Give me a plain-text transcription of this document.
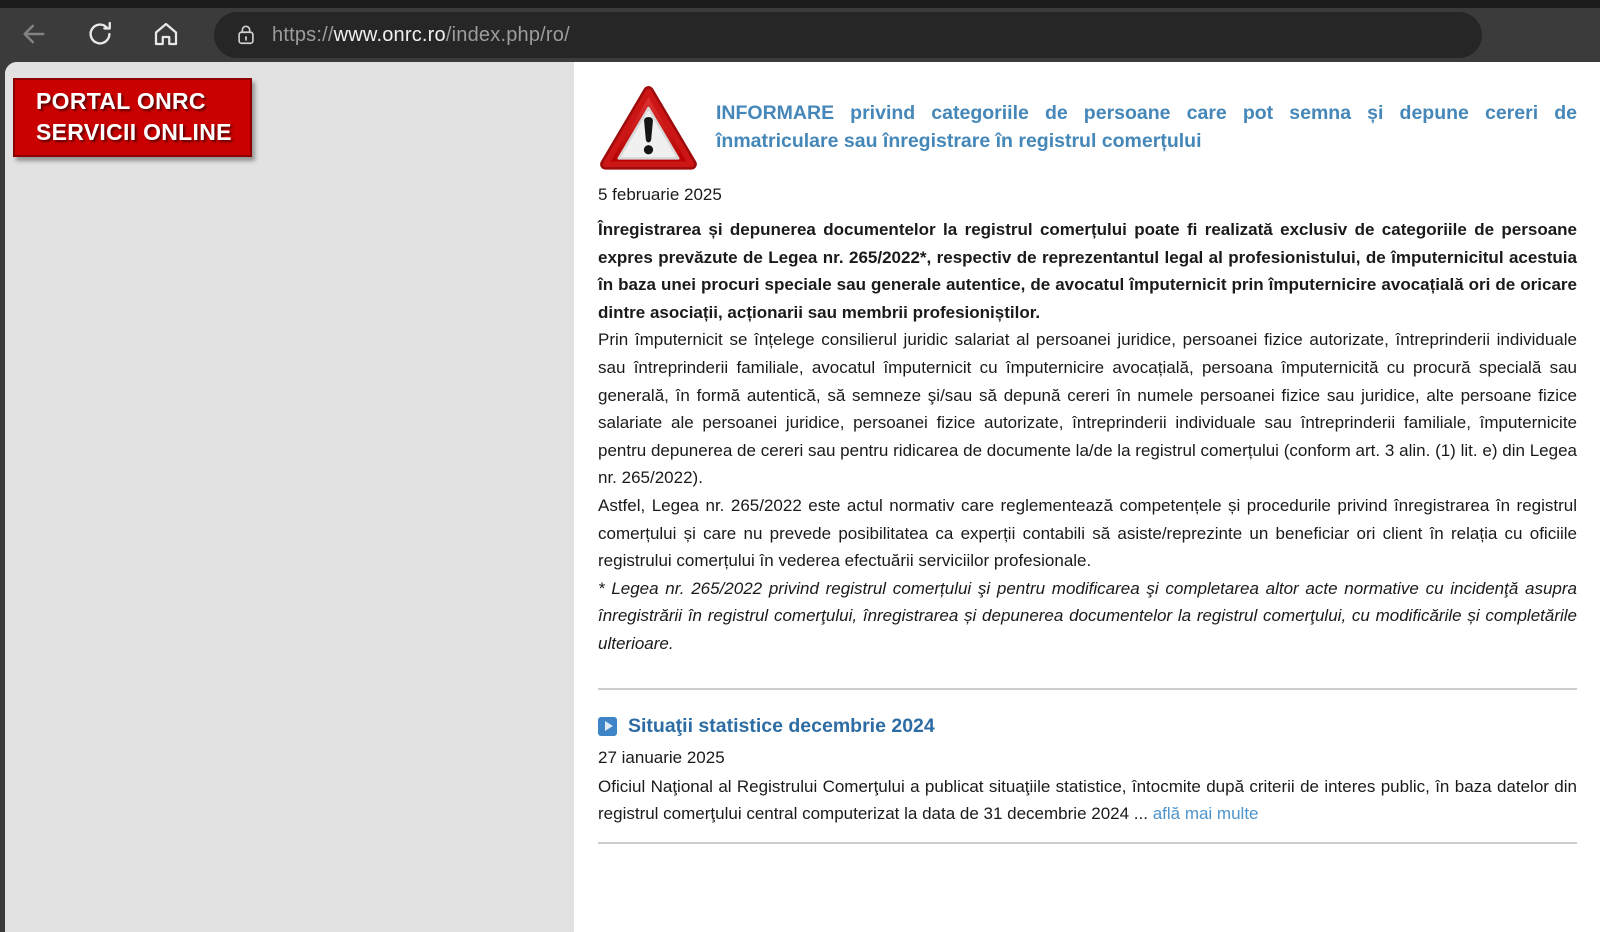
https://www.onrc.ro/index.php/ro/
PORTAL ONRC
SERVICII ONLINE
INFORMARE privind categoriile de persoane care pot semna și depune cereri de înmatriculare sau înregistrare în registrul comerțului
5 februarie 2025

Înregistrarea și depunerea documentelor la registrul comerțului poate fi realizată exclusiv de categoriile de persoane expres prevăzute de Legea nr. 265/2022*, respectiv de reprezentantul legal al profesionistului, de împuternicitul acestuia în baza unei procuri speciale sau generale autentice, de avocatul împuternicit prin împuternicire avocațială ori de oricare dintre asociații, acționarii sau membrii profesioniștilor.

Prin împuternicit se înțelege consilierul juridic salariat al persoanei juridice, persoanei fizice autorizate, întreprinderii individuale sau întreprinderii familiale, avocatul împuternicit cu împuternicire avocațială, persoana împuternicită cu procură specială sau generală, în formă autentică, să semneze şi/sau să depună cereri în numele persoanei fizice sau juridice, alte persoane fizice salariate ale persoanei juridice, persoanei fizice autorizate, întreprinderii individuale sau întreprinderii familiale, împuternicite pentru depunerea de cereri sau pentru ridicarea de documente la/de la registrul comerțului (conform art. 3 alin. (1) lit. e) din Legea nr. 265/2022).

Astfel, Legea nr. 265/2022 este actul normativ care reglementează competențele și procedurile privind înregistrarea în registrul comerțului și care nu prevede posibilitatea ca experții contabili să asiste/reprezinte un beneficiar ori client în relația cu oficiile registrului comerțului în vederea efectuării serviciilor profesionale.

* Legea nr. 265/2022 privind registrul comerțului şi pentru modificarea şi completarea altor acte normative cu incidenţă asupra înregistrării în registrul comerţului, înregistrarea și depunerea documentelor la registrul comerţului, cu modificările și completările ulterioare.

Situaţii statistice decembrie 2024
27 ianuarie 2025

Oficiul Naţional al Registrului Comerţului a publicat situaţiile statistice, întocmite după criterii de interes public, în baza datelor din registrul comerţului central computerizat la data de 31 decembrie 2024 ... află mai multe
